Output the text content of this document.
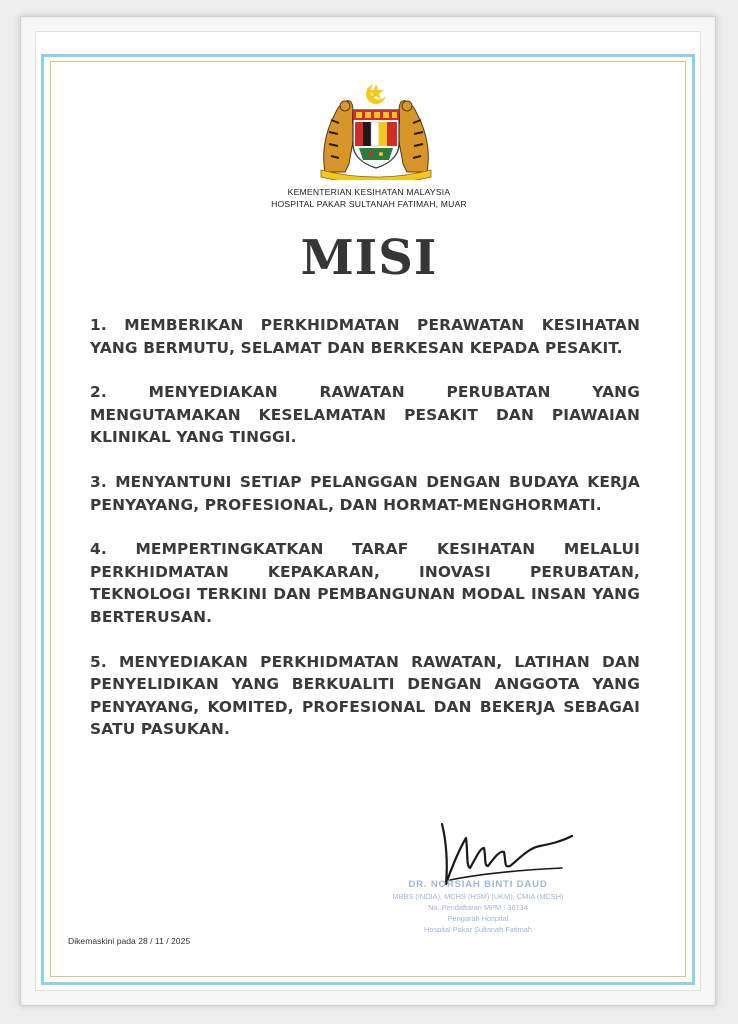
KEMENTERIAN KESIHATAN MALAYSIA
HOSPITAL PAKAR SULTANAH FATIMAH, MUAR
MISI
1. MEMBERIKAN PERKHIDMATAN PERAWATAN KESIHATAN YANG BERMUTU, SELAMAT DAN BERKESAN KEPADA PESAKIT.
2. MENYEDIAKAN RAWATAN PERUBATAN YANG MENGUTAMAKAN KESELAMATAN PESAKIT DAN PIAWAIAN KLINIKAL YANG TINGGI.
3. MENYANTUNI SETIAP PELANGGAN DENGAN BUDAYA KERJA PENYAYANG, PROFESIONAL, DAN HORMAT-MENGHORMATI.
4. MEMPERTINGKATKAN TARAF KESIHATAN MELALUI PERKHIDMATAN KEPAKARAN, INOVASI PERUBATAN, TEKNOLOGI TERKINI DAN PEMBANGUNAN MODAL INSAN YANG BERTERUSAN.
5. MENYEDIAKAN PERKHIDMATAN RAWATAN, LATIHAN DAN PENYELIDIKAN YANG BERKUALITI DENGAN ANGGOTA YANG PENYAYANG, KOMITED, PROFESIONAL DAN BEKERJA SEBAGAI SATU PASUKAN.
DR. NORSIAH BINTI DAUD
MBBS (INDIA), MCHS (HSM) (UKM), CMIA (MCSH)
No. Pendaftaran MPM : 36134
Pengarah Hospital
Hospital Pakar Sultanah Fatimah
Dikemaskini pada 28 / 11 / 2025
